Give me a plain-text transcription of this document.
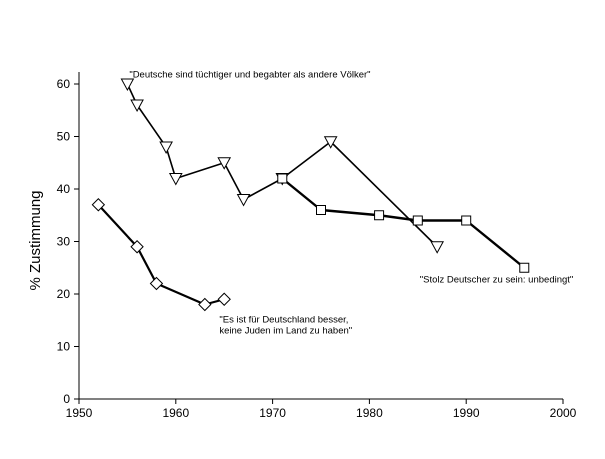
0
10
20
30
40
50
60
1950	1960	1970	1980	1990	2000
"Deutsche sind tüchtiger und begabter als andere Völker"
"Stolz Deutscher zu sein: unbedingt"
"Es ist für Deutschland besser, keine Juden im Land zu haben"
% Zustimmung
